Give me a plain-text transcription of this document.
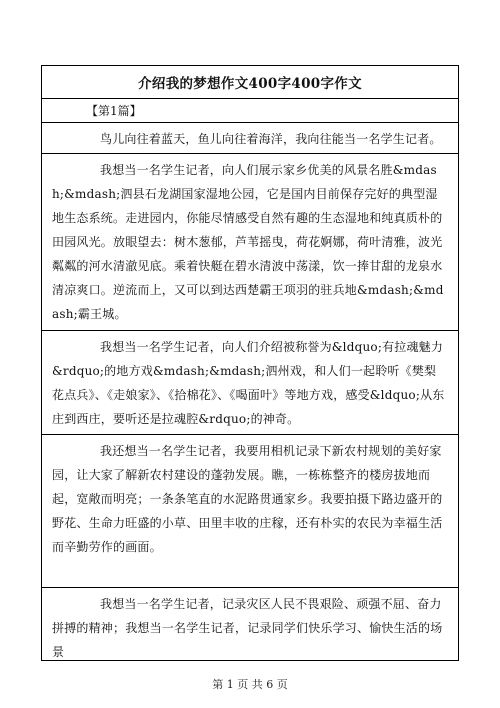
介绍我的梦想作文400字400字作文
【第1篇】

鸟儿向往着蓝天，鱼儿向往着海洋，我向往能当一名学生记者。

我想当一名学生记者，向人们展示家乡优美的风景名胜&mdash;&mdash;泗县石龙湖国家湿地公园，它是国内目前保存完好的典型湿地生态系统。走进园内，你能尽情感受自然有趣的生态湿地和纯真质朴的田园风光。放眼望去：树木葱郁，芦苇摇曳，荷花婀娜，荷叶清雅，波光粼粼的河水清澈见底。乘着快艇在碧水清波中荡漾，饮一捧甘甜的龙泉水清凉爽口。逆流而上，又可以到达西楚霸王项羽的驻兵地&mdash;&mdash;霸王城。

我想当一名学生记者，向人们介绍被称誉为&ldquo;有拉魂魅力&rdquo;的地方戏&mdash;&mdash;泗州戏，和人们一起聆听《樊梨花点兵》、《走娘家》、《拾棉花》、《喝面叶》等地方戏，感受&ldquo;从东庄到西庄，要听还是拉魂腔&rdquo;的神奇。

我还想当一名学生记者，我要用相机记录下新农村规划的美好家园，让大家了解新农村建设的蓬勃发展。瞧，一栋栋整齐的楼房拔地而起，宽敞而明亮；一条条笔直的水泥路贯通家乡。我要拍摄下路边盛开的野花、生命力旺盛的小草、田里丰收的庄稼，还有朴实的农民为幸福生活而辛勤劳作的画面。

我想当一名学生记者，记录灾区人民不畏艰险、顽强不屈、奋力拼搏的精神；我想当一名学生记者，记录同学们快乐学习、愉快生活的场景

第 1 页 共 6 页
